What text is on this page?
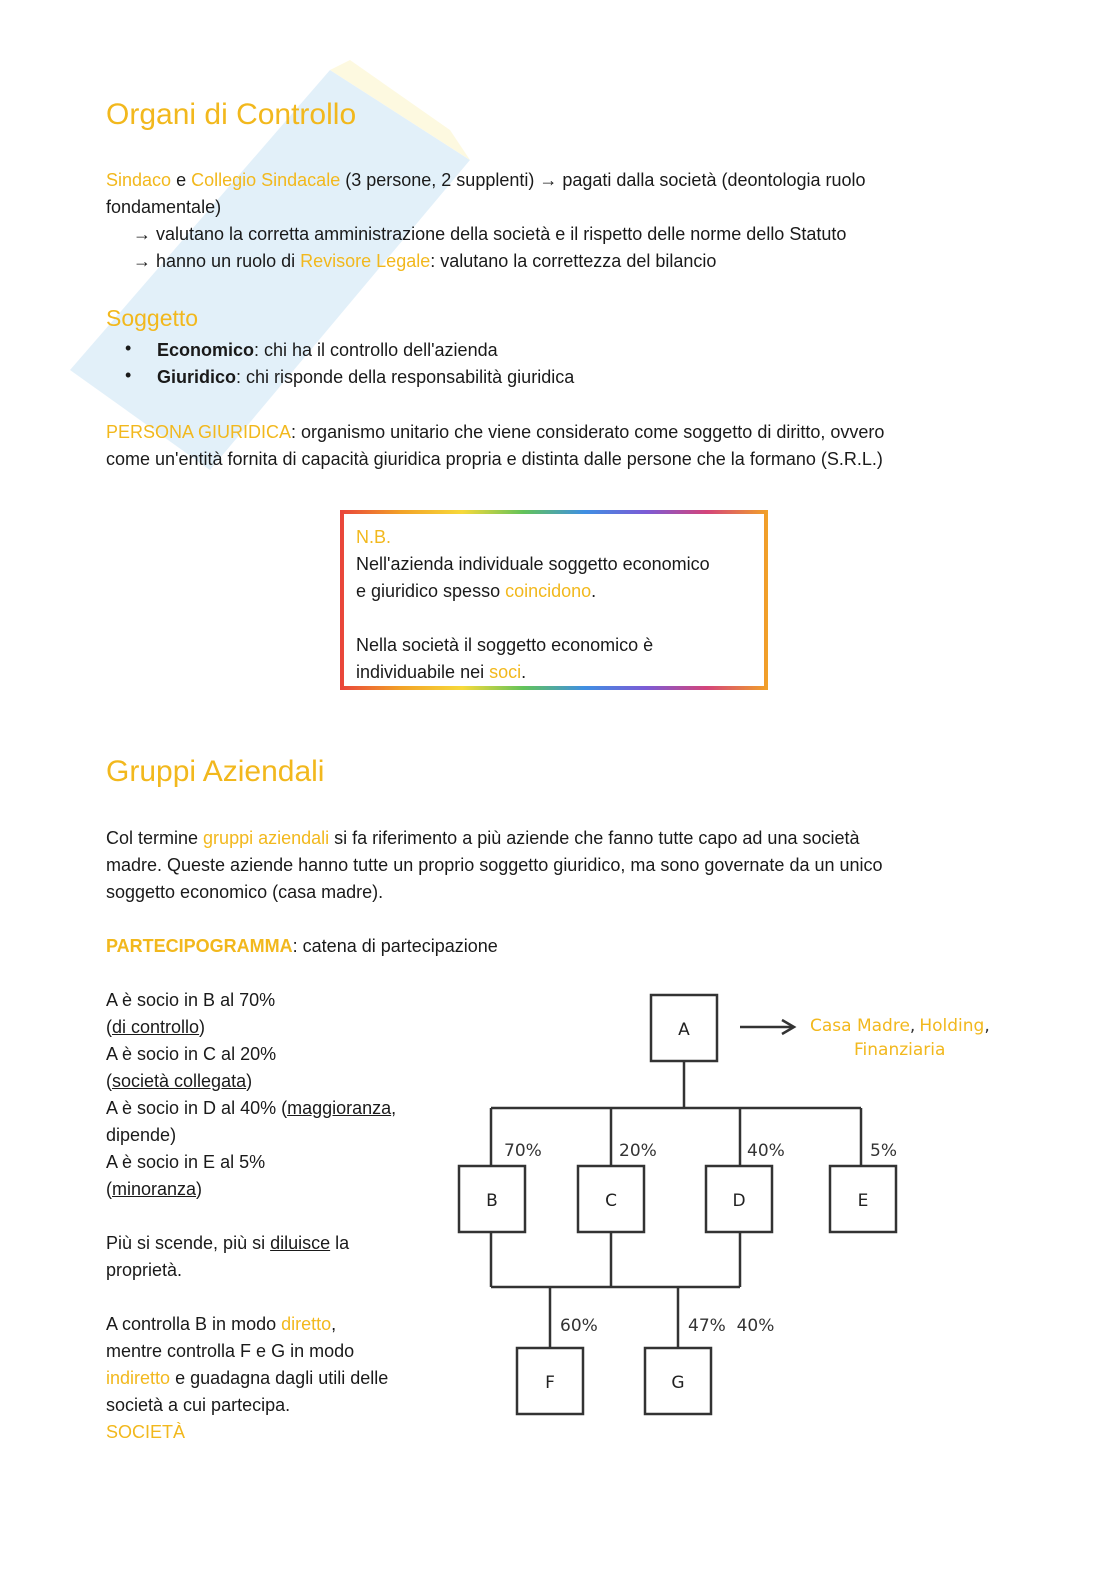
Organi di Controllo
Sindaco e Collegio Sindacale (3 persone, 2 supplenti) → pagati dalla società (deontologia ruolo
fondamentale)
→ valutano la corretta amministrazione della società e il rispetto delle norme dello Statuto
→ hanno un ruolo di Revisore Legale: valutano la correttezza del bilancio
Soggetto
• Economico: chi ha il controllo dell'azienda
• Giuridico: chi risponde della responsabilità giuridica
PERSONA GIURIDICA: organismo unitario che viene considerato come soggetto di diritto, ovvero
come un'entità fornita di capacità giuridica propria e distinta dalle persone che la formano (S.R.L.)
N.B.
Nell'azienda individuale soggetto economico
e giuridico spesso coincidono.
Nella società il soggetto economico è
individuabile nei soci.
Gruppi Aziendali
Col termine gruppi aziendali si fa riferimento a più aziende che fanno tutte capo ad una società
madre. Queste aziende hanno tutte un proprio soggetto giuridico, ma sono governate da un unico
soggetto economico (casa madre).
PARTECIPOGRAMMA: catena di partecipazione
A è socio in B al 70%
(di controllo)
A è socio in C al 20%
(società collegata)
A è socio in D al 40% (maggioranza,
dipende)
A è socio in E al 5%
(minoranza)
Più si scende, più si diluisce la
proprietà.
A controlla B in modo diretto,
mentre controlla F e G in modo
indiretto e guadagna dagli utili delle
società a cui partecipa.
SOCIETÀ
A
B	C	D	E
F	G
70%	20%	40%	5%
60%	47%  40%
Casa Madre, Holding,
Finanziaria
